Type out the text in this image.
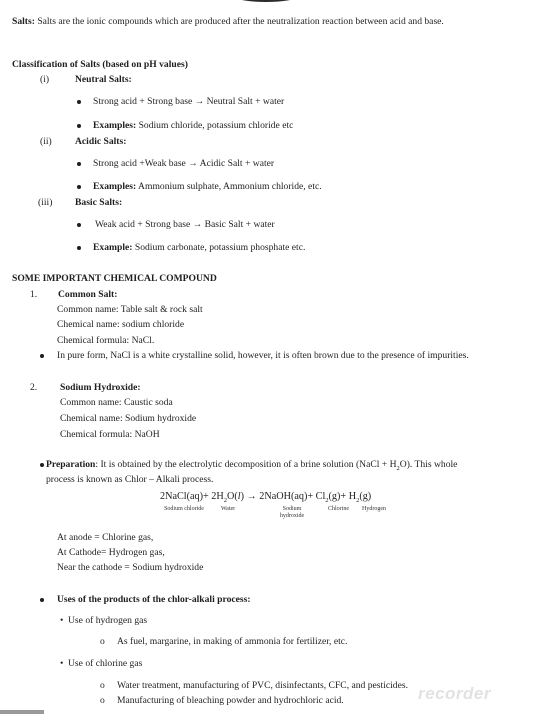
Salts: Salts are the ionic compounds which are produced after the neutralization reaction between acid and base.
Classification of Salts (based on pH values)
(i)	Neutral Salts:
Strong acid + Strong base → Neutral Salt + water
Examples: Sodium chloride, potassium chloride etc
(ii) Acidic Salts:
Strong acid +Weak base → Acidic Salt + water
Examples: Ammonium sulphate, Ammonium chloride, etc.
(iii) Basic Salts:
Weak acid + Strong base → Basic Salt + water
Example: Sodium carbonate, potassium phosphate etc.
SOME IMPORTANT CHEMICAL COMPOUND
1. Common Salt:
Common name: Table salt & rock salt
Chemical name: sodium chloride
Chemical formula: NaCl.
In pure form, NaCl is a white crystalline solid, however, it is often brown due to the presence of impurities.
2. Sodium Hydroxide:
Common name: Caustic soda
Chemical name: Sodium hydroxide
Chemical formula: NaOH
Preparation: It is obtained by the electrolytic decomposition of a brine solution (NaCl + $H_2O$). This whole
process is known as Chlor – Alkali process.
2NaCl(aq)+ $2H_2O(l)$ → 2NaOH(aq)+ $Cl_2(g)+ H_2(g)$
Sodium chloride	Water	Sodium hydroxide
Chlorine Hydrogen
At anode = Chlorine gas,
At Cathode= Hydrogen gas,
Near the cathode = Sodium hydroxide
Uses of the products of the chlor-alkali process:
• Use of hydrogen gas
o As fuel, margarine, in making of ammonia for fertilizer, etc.
• Use of chlorine gas
o Water treatment, manufacturing of PVC, disinfectants, CFC, and pesticides.
o Manufacturing of bleaching powder and hydrochloric acid.	recorder
